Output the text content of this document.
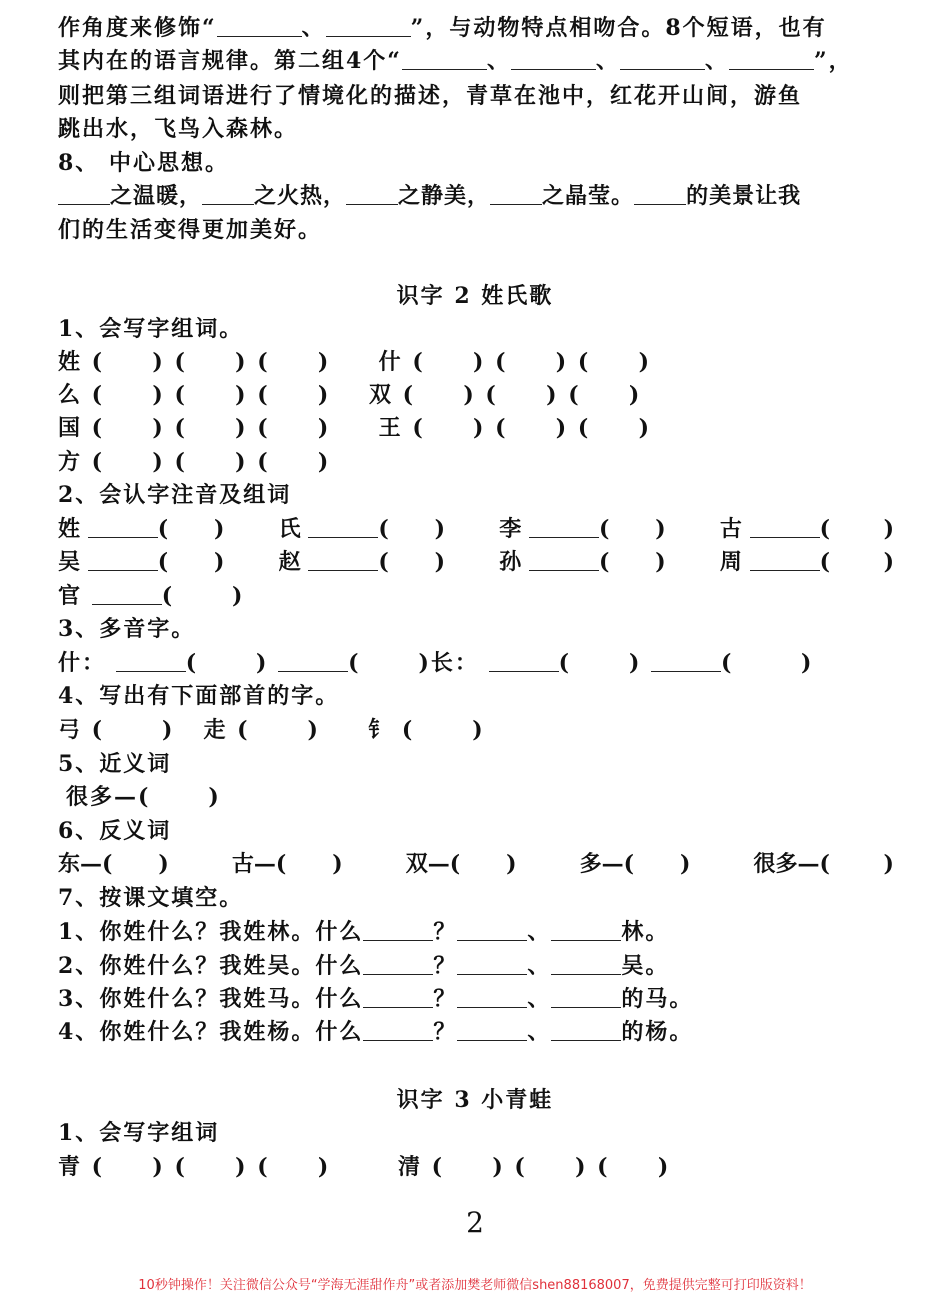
作角度来修饰“	、	”，与动物特点相吻合。8个短语，也有
其内在的语言规律。第二组4个“	、	、	、	”，
则把第三组词语进行了情境化的描述，青草在池中，红花开山间，游鱼
跳出水，飞鸟入森林。
8、 中心思想。
之温暖， 之火热， 之静美， 之晶莹。 的美景让我
们的生活变得更加美好。
识字 2 姓氏歌
1、会写字组词。
姓 (     ) (     ) (     )     什 (     ) (     ) (     )
么 (     ) (     ) (     )    双 (     ) (     ) (     )
国 (     ) (     ) (     )     王 (     ) (     ) (     )
方 (     ) (     ) (     )
2、会认字注音及组词
姓	(      ) 氏	(      ) 李	(      ) 古	(       )
吴	(      ) 赵	(      ) 孙	(      ) 周	(       )
官	(      )
3、多音字。
什：	(      )	(      )长：	(      )	(       )
4、写出有下面部首的字。
弓 (      )   走 (      )     钅 (      )
5、近义词
很多—(      )
6、反义词
东—(      )	古—(      )	双—(      )	多—(      )	很多—(       )
7、按课文填空。
1、你姓什么？我姓林。什么	？	、	林。
2、你姓什么？我姓吴。什么	？	、	吴。
3、你姓什么？我姓马。什么	？	、	的马。
4、你姓什么？我姓杨。什么	？	、	的杨。
识字 3 小青蛙
1、会写字组词
青 (     ) (     ) (     )       清 (     ) (     ) (     )
2
10秒钟操作！关注微信公众号“学海无涯甜作舟”或者添加樊老师微信shen88168007，免费提供完整可打印版资料！
